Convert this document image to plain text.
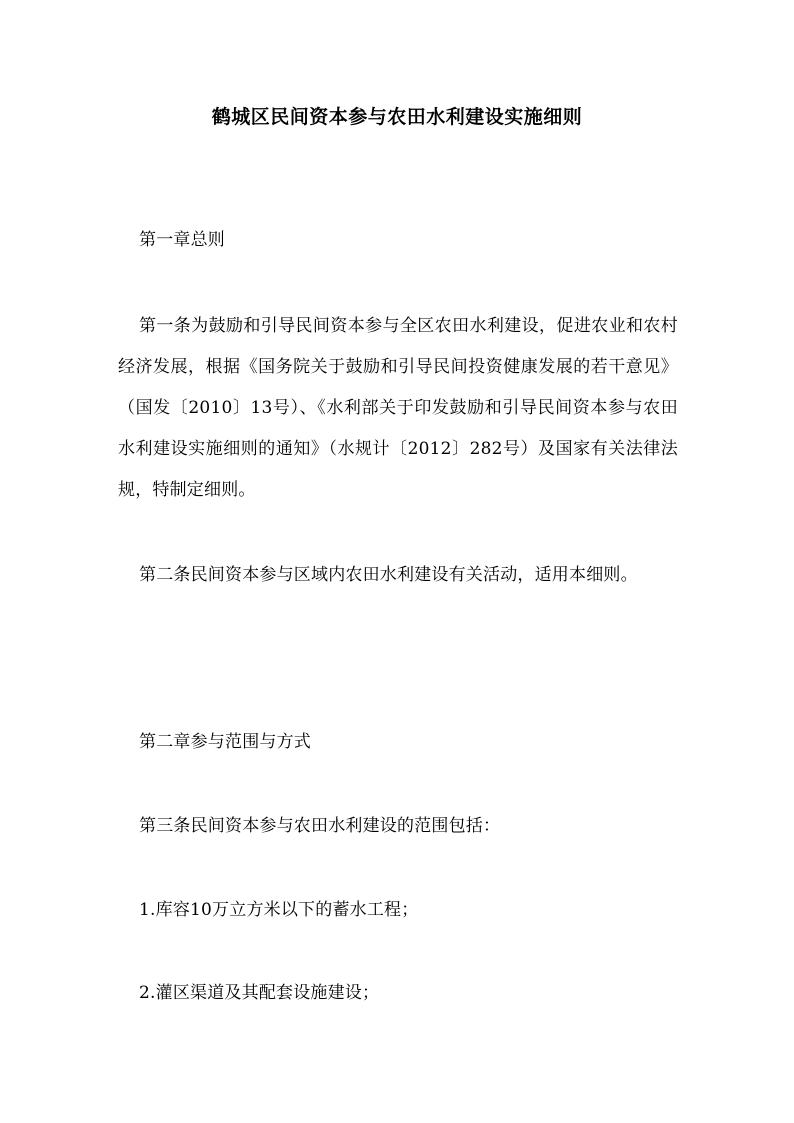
鹤城区民间资本参与农田水利建设实施细则

第一章总则

第一条为鼓励和引导民间资本参与全区农田水利建设，促进农业和农村经济发展，根据《国务院关于鼓励和引导民间投资健康发展的若干意见》（国发〔2010〕13号）、《水利部关于印发鼓励和引导民间资本参与农田水利建设实施细则的通知》（水规计〔2012〕282号）及国家有关法律法规，特制定细则。

第二条民间资本参与区域内农田水利建设有关活动，适用本细则。

第二章参与范围与方式

第三条民间资本参与农田水利建设的范围包括：

1.库容10万立方米以下的蓄水工程；

2.灌区渠道及其配套设施建设；
